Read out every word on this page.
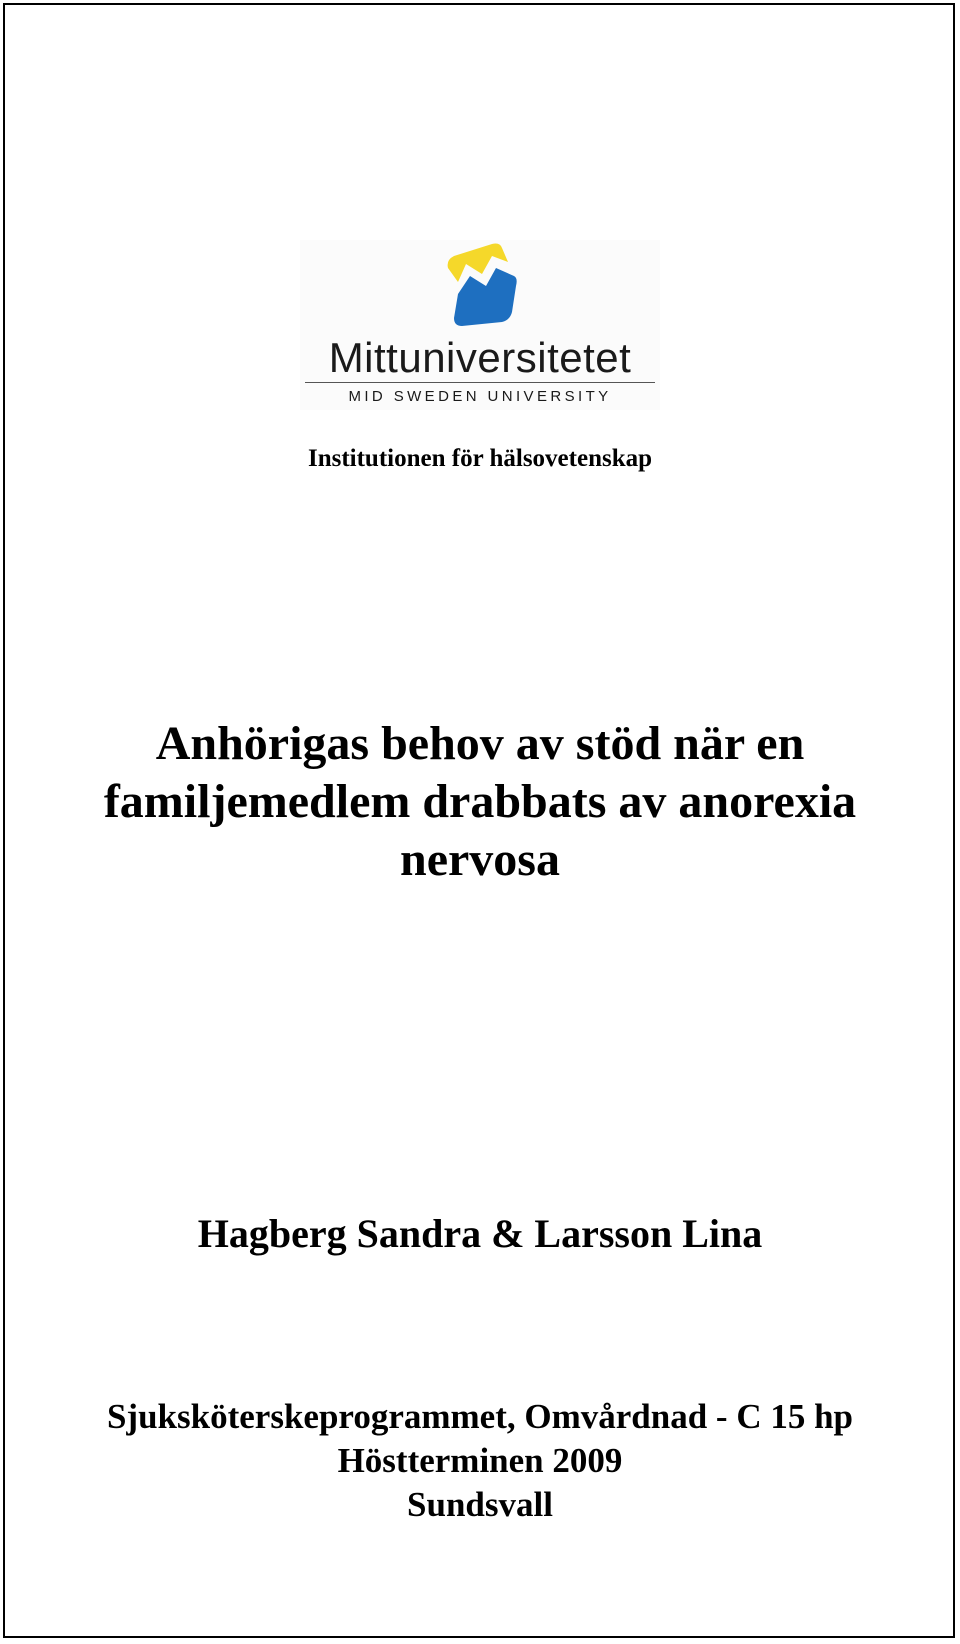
Mittuniversitetet
MID SWEDEN UNIVERSITY
Institutionen för hälsovetenskap
Anhörigas behov av stöd när en
familjemedlem drabbats av anorexia
nervosa
Hagberg Sandra & Larsson Lina
Sjuksköterskeprogrammet, Omvårdnad - C 15 hp
Höstterminen 2009
Sundsvall
